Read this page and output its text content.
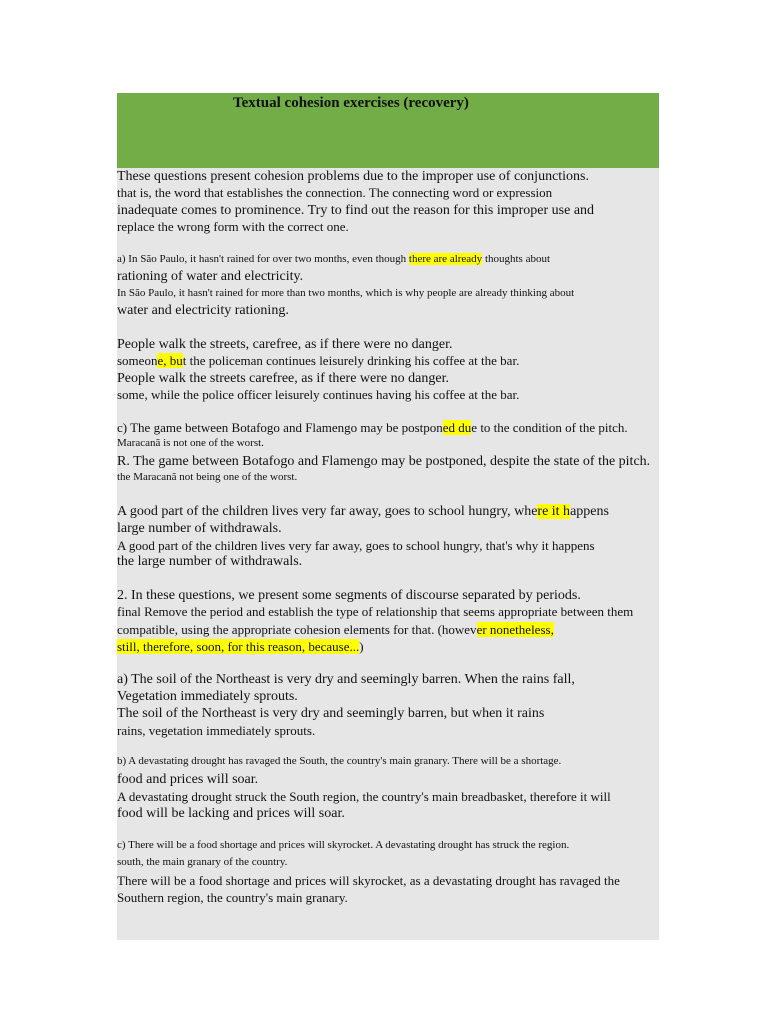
Textual cohesion exercises (recovery)
These questions present cohesion problems due to the improper use of conjunctions.
that is, the word that establishes the connection. The connecting word or expression
inadequate comes to prominence. Try to find out the reason for this improper use and
replace the wrong form with the correct one.
a) In São Paulo, it hasn't rained for over two months, even though there are already thoughts about
rationing of water and electricity.
In São Paulo, it hasn't rained for more than two months, which is why people are already thinking about
water and electricity rationing.
People walk the streets, carefree, as if there were no danger.
someone, but the policeman continues leisurely drinking his coffee at the bar.
People walk the streets carefree, as if there were no danger.
some, while the police officer leisurely continues having his coffee at the bar.
c) The game between Botafogo and Flamengo may be postponed due to the condition of the pitch.
Maracanã is not one of the worst.
R. The game between Botafogo and Flamengo may be postponed, despite the state of the pitch.
the Maracanã not being one of the worst.
A good part of the children lives very far away, goes to school hungry, where it happens
large number of withdrawals.
A good part of the children lives very far away, goes to school hungry, that's why it happens
the large number of withdrawals.
2. In these questions, we present some segments of discourse separated by periods.
final Remove the period and establish the type of relationship that seems appropriate between them
compatible, using the appropriate cohesion elements for that. (however nonetheless,
still, therefore, soon, for this reason, because...)
a) The soil of the Northeast is very dry and seemingly barren. When the rains fall,
Vegetation immediately sprouts.
The soil of the Northeast is very dry and seemingly barren, but when it rains
rains, vegetation immediately sprouts.
b) A devastating drought has ravaged the South, the country's main granary. There will be a shortage.
food and prices will soar.
A devastating drought struck the South region, the country's main breadbasket, therefore it will
food will be lacking and prices will soar.
c) There will be a food shortage and prices will skyrocket. A devastating drought has struck the region.
south, the main granary of the country.
There will be a food shortage and prices will skyrocket, as a devastating drought has ravaged the
Southern region, the country's main granary.
